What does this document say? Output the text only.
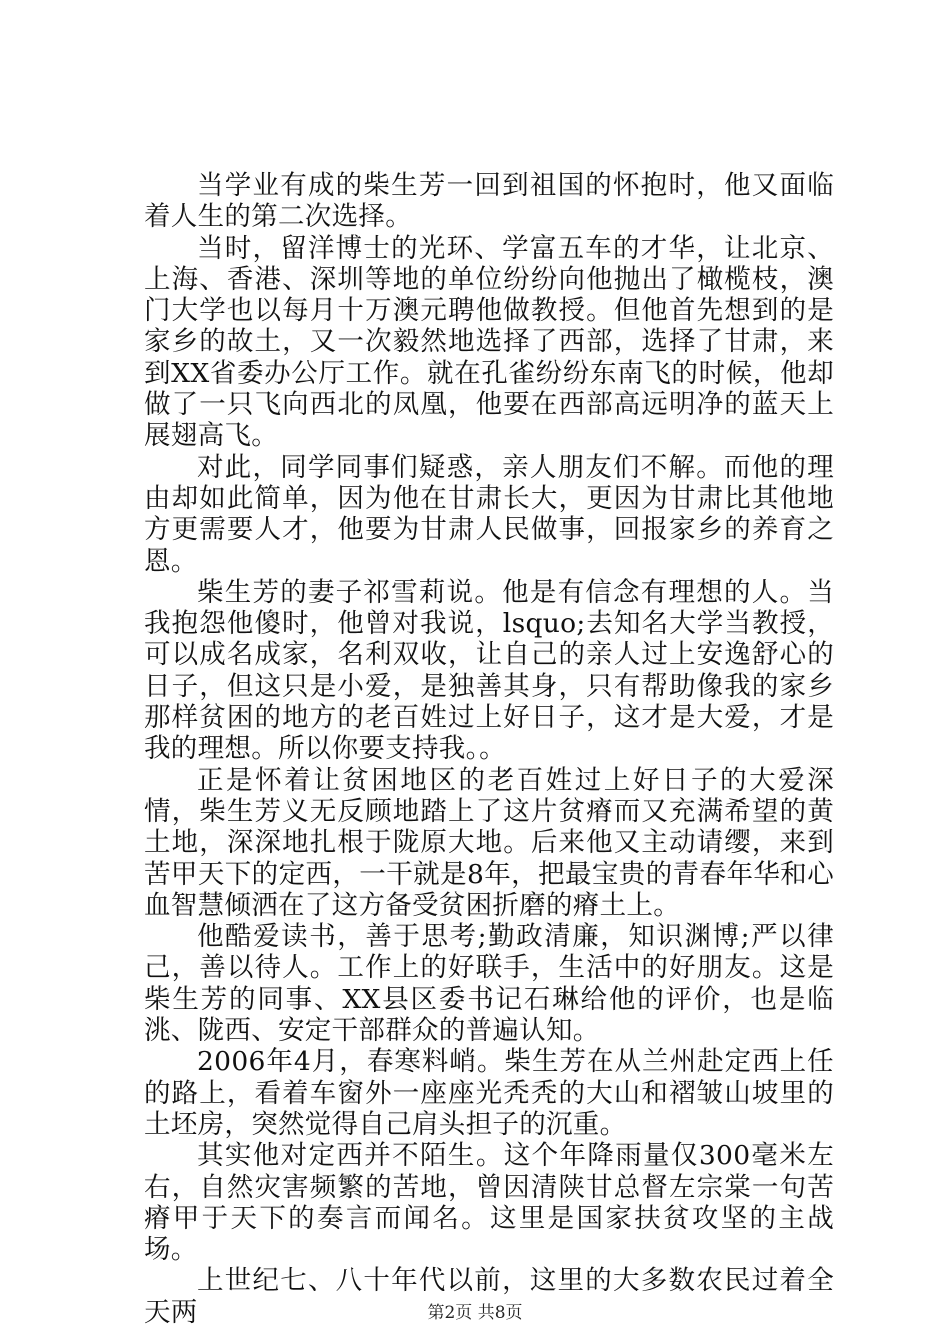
当学业有成的柴生芳一回到祖国的怀抱时，他又面临着人生的第二次选择。

当时，留洋博士的光环、学富五车的才华，让北京、上海、香港、深圳等地的单位纷纷向他抛出了橄榄枝，澳门大学也以每月十万澳元聘他做教授。但他首先想到的是家乡的故土，又一次毅然地选择了西部，选择了甘肃，来到XX省委办公厅工作。就在孔雀纷纷东南飞的时候，他却做了一只飞向西北的凤凰，他要在西部高远明净的蓝天上展翅高飞。

对此，同学同事们疑惑，亲人朋友们不解。而他的理由却如此简单，因为他在甘肃长大，更因为甘肃比其他地方更需要人才，他要为甘肃人民做事，回报家乡的养育之恩。

柴生芳的妻子祁雪莉说。他是有信念有理想的人。当我抱怨他傻时，他曾对我说，lsquo;去知名大学当教授，可以成名成家，名利双收，让自己的亲人过上安逸舒心的日子，但这只是小爱，是独善其身，只有帮助像我的家乡那样贫困的地方的老百姓过上好日子，这才是大爱，才是我的理想。所以你要支持我。。

正是怀着让贫困地区的老百姓过上好日子的大爱深情，柴生芳义无反顾地踏上了这片贫瘠而又充满希望的黄土地，深深地扎根于陇原大地。后来他又主动请缨，来到苦甲天下的定西，一干就是8年，把最宝贵的青春年华和心血智慧倾洒在了这方备受贫困折磨的瘠土上。

他酷爱读书，善于思考;勤政清廉，知识渊博;严以律己，善以待人。工作上的好联手，生活中的好朋友。这是柴生芳的同事、XX县区委书记石琳给他的评价，也是临洮、陇西、安定干部群众的普遍认知。

2006年4月，春寒料峭。柴生芳在从兰州赴定西上任的路上，看着车窗外一座座光秃秃的大山和褶皱山坡里的土坯房，突然觉得自己肩头担子的沉重。

其实他对定西并不陌生。这个年降雨量仅300毫米左右，自然灾害频繁的苦地，曾因清陕甘总督左宗棠一句苦瘠甲于天下的奏言而闻名。这里是国家扶贫攻坚的主战场。

上世纪七、八十年代以前，这里的大多数农民过着全天两	第2页 共8页
